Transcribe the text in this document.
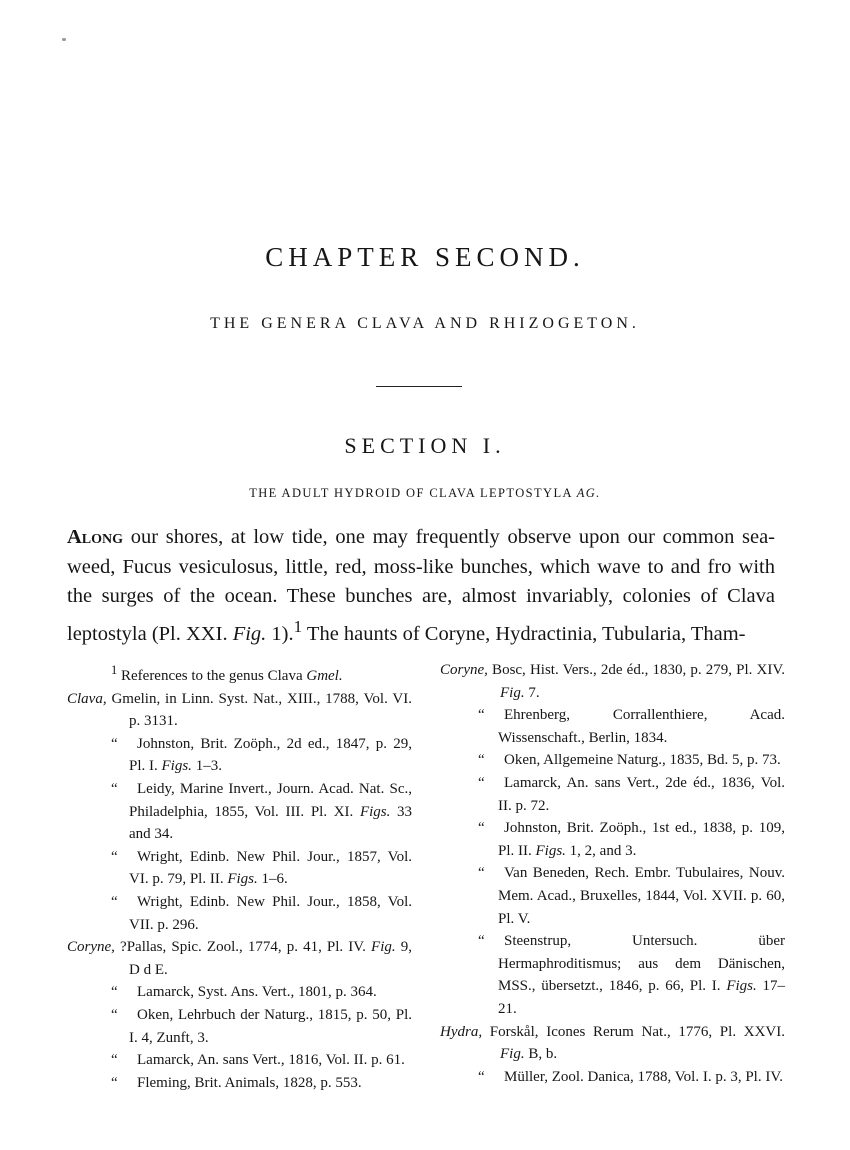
CHAPTER SECOND.
THE GENERA CLAVA AND RHIZOGETON.
SECTION I.
THE ADULT HYDROID OF CLAVA LEPTOSTYLA AG.

Along our shores, at low tide, one may frequently observe upon our common sea-weed, Fucus vesiculosus, little, red, moss-like bunches, which wave to and fro with the surges of the ocean. These bunches are, almost invariably, colonies of Clava leptostyla (Pl. XXI. Fig. 1).$^1$ The haunts of Coryne, Hydractinia, Tubularia, Tham-

$^1$ References to the genus Clava Gmel.

Clava, Gmelin, in Linn. Syst. Nat., XIII., 1788, Vol. VI. p. 3131.

“ Johnston, Brit. Zoöph., 2d ed., 1847, p. 29, Pl. I. Figs. 1–3.

“ Leidy, Marine Invert., Journ. Acad. Nat. Sc., Philadelphia, 1855, Vol. III. Pl. XI. Figs. 33 and 34.

“ Wright, Edinb. New Phil. Jour., 1857, Vol. VI. p. 79, Pl. II. Figs. 1–6.

“ Wright, Edinb. New Phil. Jour., 1858, Vol. VII. p. 296.

Coryne, ?Pallas, Spic. Zool., 1774, p. 41, Pl. IV. Fig. 9, D d E.

“ Lamarck, Syst. Ans. Vert., 1801, p. 364.

“ Oken, Lehrbuch der Naturg., 1815, p. 50, Pl. I. 4, Zunft, 3.

“ Lamarck, An. sans Vert., 1816, Vol. II. p. 61.

“ Fleming, Brit. Animals, 1828, p. 553.

Coryne, Bosc, Hist. Vers., 2de éd., 1830, p. 279, Pl. XIV. Fig. 7.

“ Ehrenberg, Corrallenthiere, Acad. Wissenschaft., Berlin, 1834.

“ Oken, Allgemeine Naturg., 1835, Bd. 5, p. 73.

“ Lamarck, An. sans Vert., 2de éd., 1836, Vol. II. p. 72.

“ Johnston, Brit. Zoöph., 1st ed., 1838, p. 109, Pl. II. Figs. 1, 2, and 3.

“ Van Beneden, Rech. Embr. Tubulaires, Nouv. Mem. Acad., Bruxelles, 1844, Vol. XVII. p. 60, Pl. V.

“ Steenstrup, Untersuch. über Hermaphroditismus; aus dem Dänischen, MSS., übersetzt., 1846, p. 66, Pl. I. Figs. 17–21.

Hydra, Forskål, Icones Rerum Nat., 1776, Pl. XXVI. Fig. B, b.

“ Müller, Zool. Danica, 1788, Vol. I. p. 3, Pl. IV.
